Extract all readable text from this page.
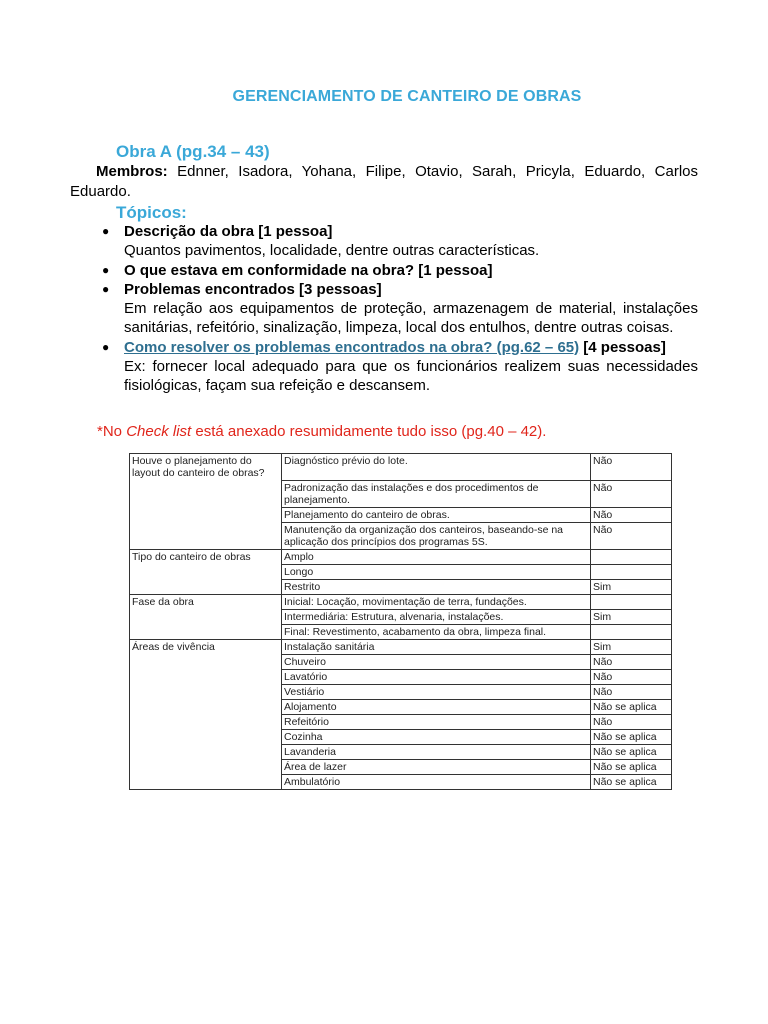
GERENCIAMENTO DE CANTEIRO DE OBRAS
Obra A (pg.34 – 43)
Membros: Ednner, Isadora, Yohana, Filipe, Otavio, Sarah, Pricyla, Eduardo, Carlos Eduardo.
Tópicos:
● Descrição da obra [1 pessoa]
Quantos pavimentos, localidade, dentre outras características.
● O que estava em conformidade na obra? [1 pessoa]
● Problemas encontrados [3 pessoas]
Em relação aos equipamentos de proteção, armazenagem de material, instalações sanitárias, refeitório, sinalização, limpeza, local dos entulhos, dentre outras coisas.
● Como resolver os problemas encontrados na obra? (pg.62 – 65) [4 pessoas]
Ex: fornecer local adequado para que os funcionários realizem suas necessidades fisiológicas, façam sua refeição e descansem.
*No Check list está anexado resumidamente tudo isso (pg.40 – 42).
Houve o planejamento do layout do canteiro de obras?	Diagnóstico prévio do lote.	Não
	Padronização das instalações e dos procedimentos de planejamento.	Não
	Planejamento do canteiro de obras.	Não
	Manutenção da organização dos canteiros, baseando-se na aplicação dos princípios dos programas 5S.	Não
Tipo do canteiro de obras	Amplo	
	Longo	
	Restrito	Sim
Fase da obra	Inicial: Locação, movimentação de terra, fundações.	
	Intermediária: Estrutura, alvenaria, instalações.	Sim
	Final: Revestimento, acabamento da obra, limpeza final.	
Áreas de vivência	Instalação sanitária	Sim
	Chuveiro	Não
	Lavatório	Não
	Vestiário	Não
	Alojamento	Não se aplica
	Refeitório	Não
	Cozinha	Não se aplica
	Lavanderia	Não se aplica
	Área de lazer	Não se aplica
	Ambulatório	Não se aplica
